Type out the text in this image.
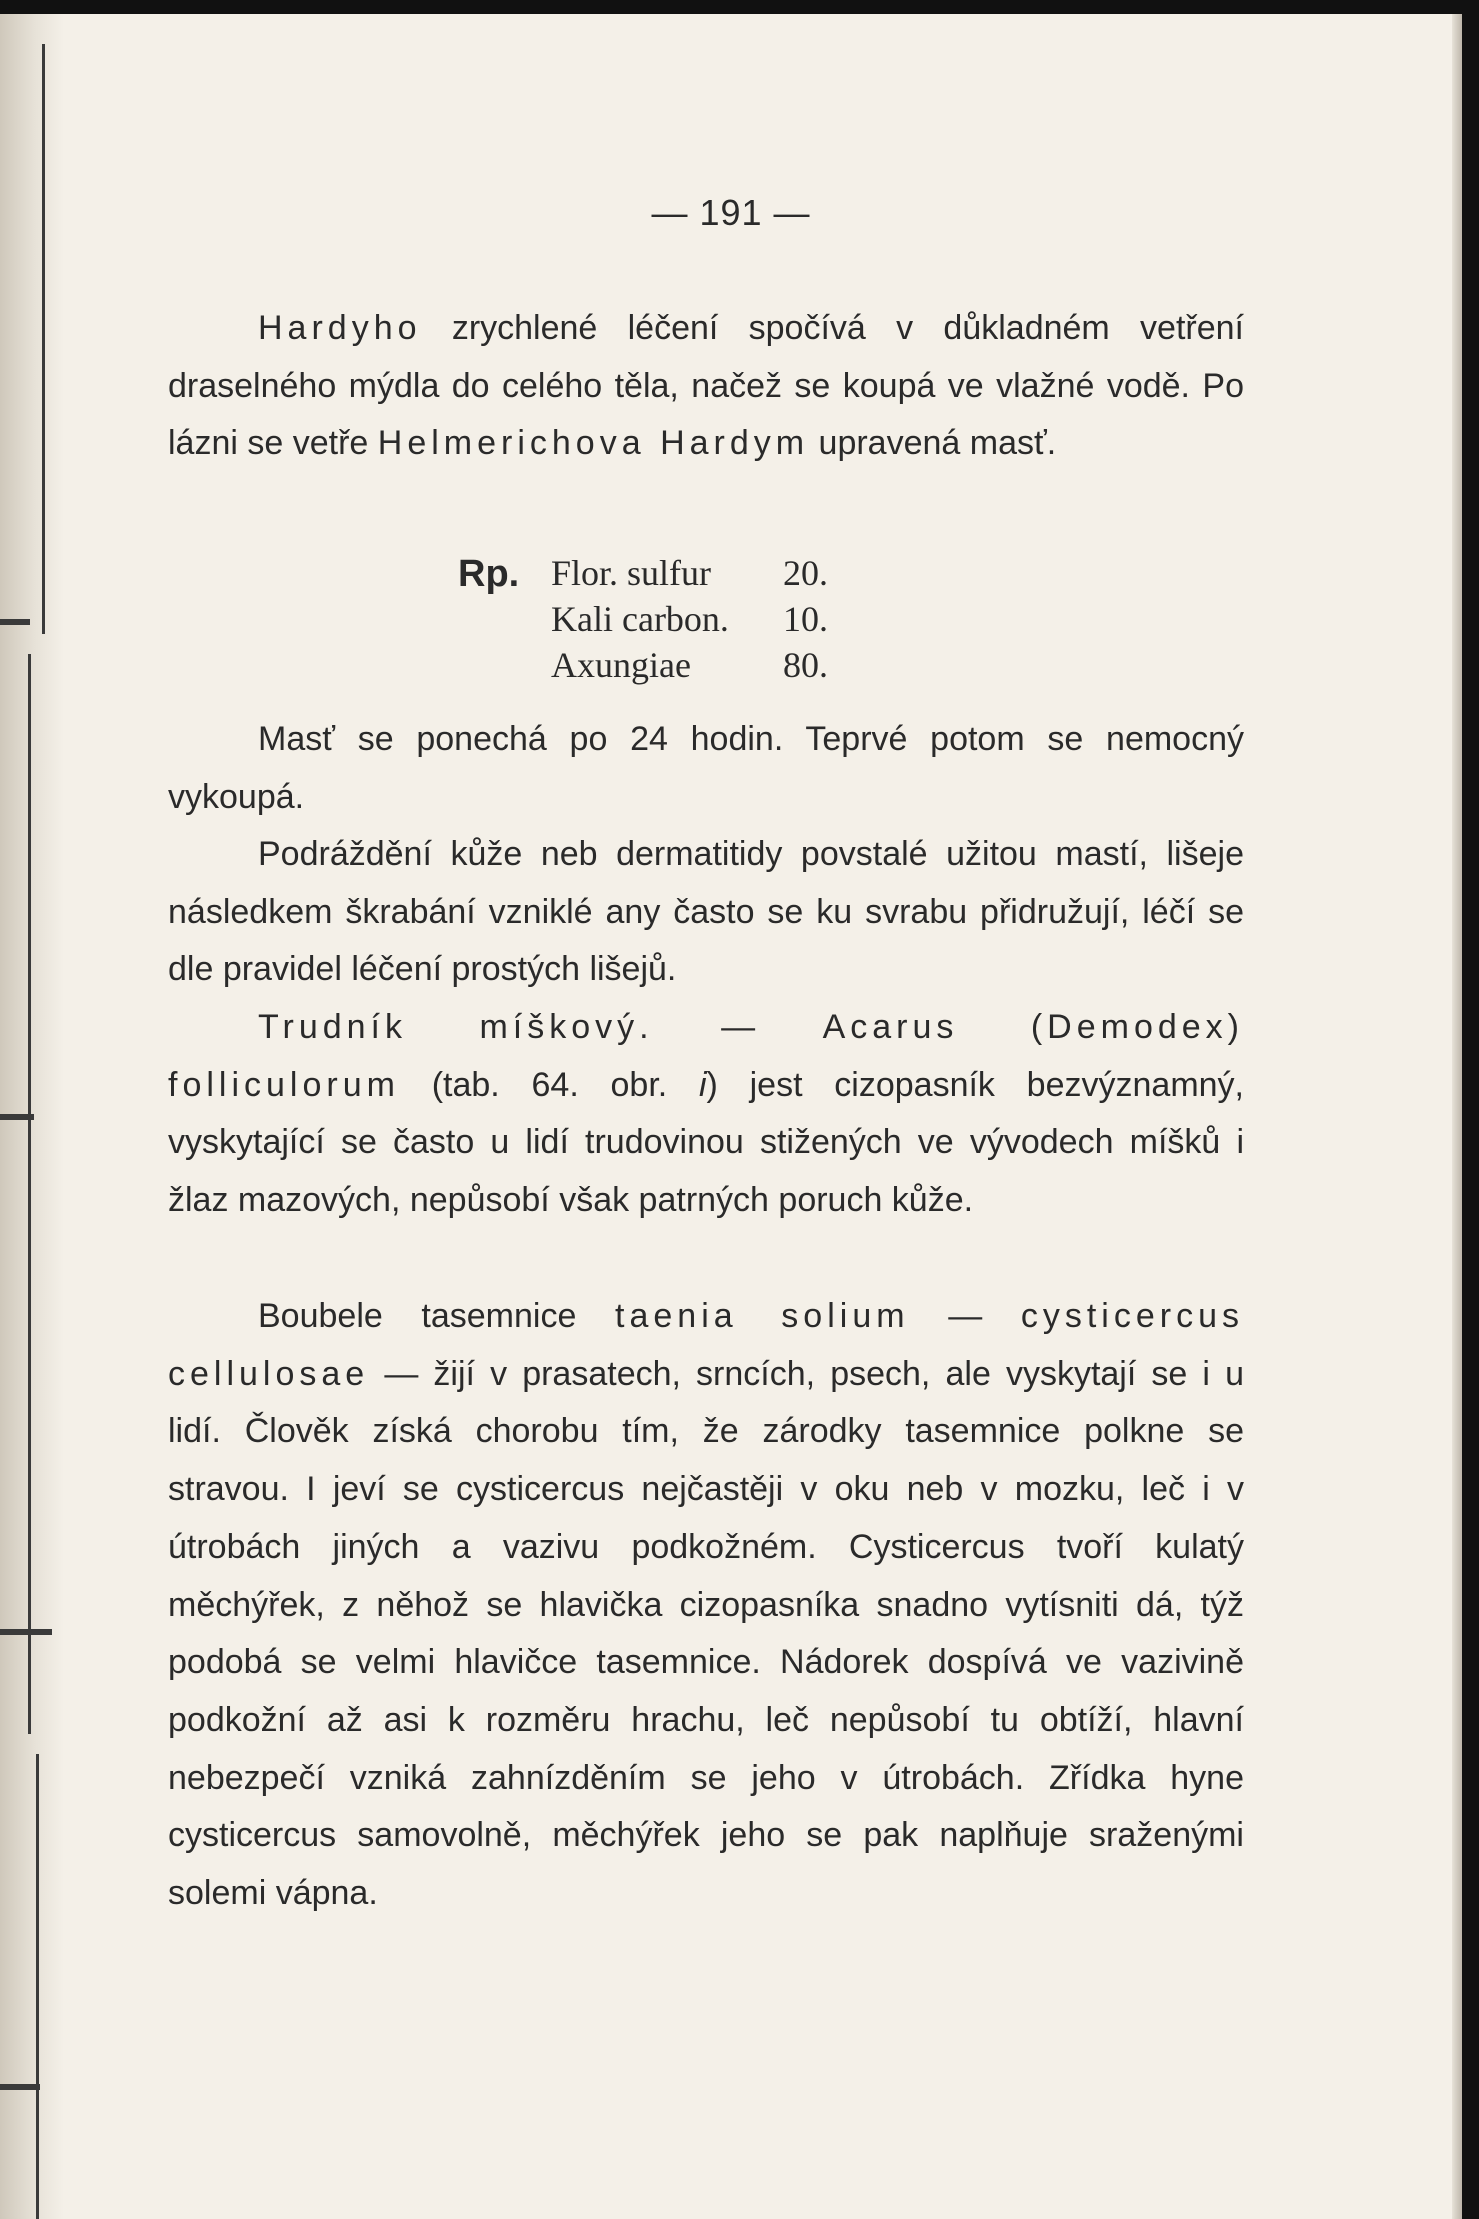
— 191 —

Hardyho zrychlené léčení spočívá v důkladném vetření draselného mýdla do celého těla, načež se koupá ve vlažné vodě. Po lázni se vetře Helmerichova Hardym upravená masť.

Rp. Flor. sulfur 20.
Kali carbon. 10.
Axungiae	80.

Masť se ponechá po 24 hodin. Teprvé potom se nemocný vykoupá.

Podráždění kůže neb dermatitidy povstalé užitou mastí, lišeje následkem škrabání vzniklé any často se ku svrabu přidružují, léčí se dle pravidel léčení prostých lišejů.

Trudník míškový. — Acarus (Demodex) folliculorum (tab. 64. obr. i) jest cizopasník bezvýznamný, vyskytající se často u lidí trudovinou stižených ve vývodech míšků i žlaz mazových, nepůsobí však patrných poruch kůže.

Boubele tasemnice taenia solium — cysticercus cellulosae — žijí v prasatech, srncích, psech, ale vyskytají se i u lidí. Člověk získá chorobu tím, že zárodky tasemnice polkne se stravou. I jeví se cysticercus nejčastěji v oku neb v mozku, leč i v útrobách jiných a vazivu podkožném. Cysticercus tvoří kulatý měchýřek, z něhož se hlavička cizopasníka snadno vytísniti dá, týž podobá se velmi hlavičce tasemnice. Nádorek dospívá ve vazivině podkožní až asi k rozměru hrachu, leč nepůsobí tu obtíží, hlavní nebezpečí vzniká zahnízděním se jeho v útrobách. Zřídka hyne cysticercus samovolně, měchýřek jeho se pak naplňuje sraženými solemi vápna.
